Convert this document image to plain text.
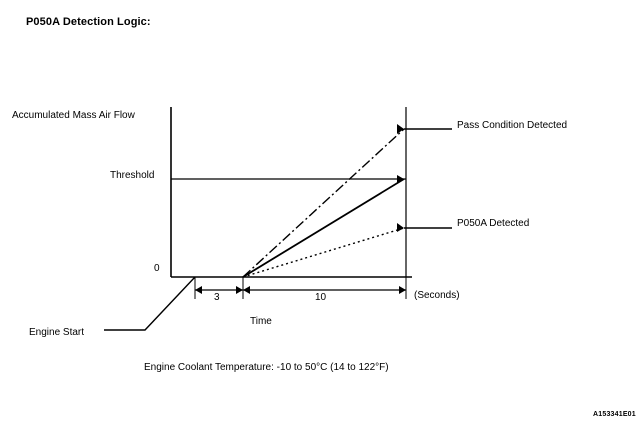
P050A Detection Logic:
Accumulated Mass Air Flow
Threshold
0
Pass Condition Detected
P050A Detected
(Seconds)
3	10
Time
Engine Start
Engine Coolant Temperature: -10 to 50°C (14 to 122°F)
A153341E01
